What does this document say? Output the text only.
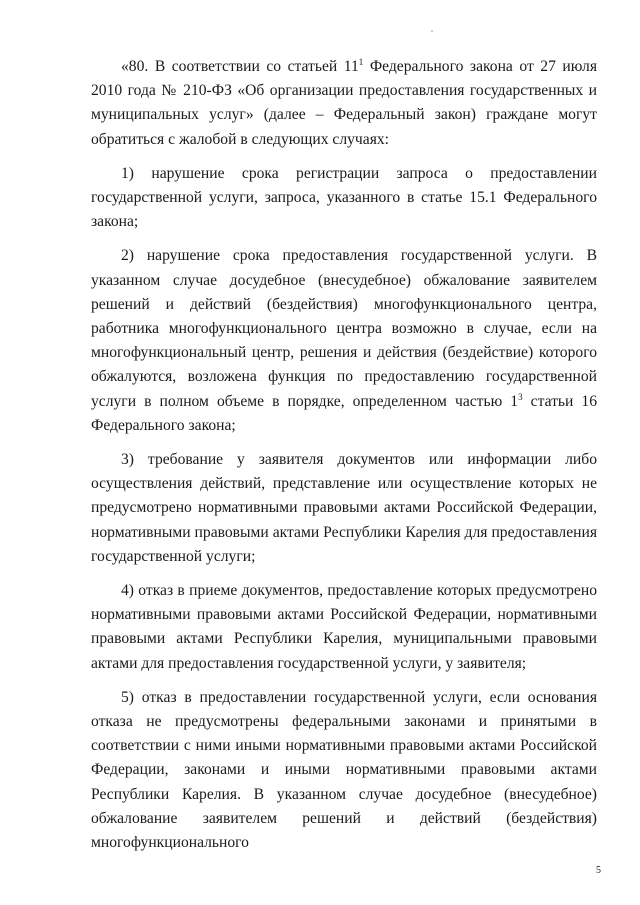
«80. В соответствии со статьей $11^1$ Федерального закона от 27 июля 2010 года № 210-ФЗ «Об организации предоставления государственных и муниципальных услуг» (далее – Федеральный закон) граждане могут обратиться с жалобой в следующих случаях:

1) нарушение срока регистрации запроса о предоставлении государственной услуги, запроса, указанного в статье 15.1 Федерального закона;

2) нарушение срока предоставления государственной услуги. В указанном случае досудебное (внесудебное) обжалование заявителем решений и действий (бездействия) многофункционального центра, работника многофункционального центра возможно в случае, если на многофункциональный центр, решения и действия (бездействие) которого обжалуются, возложена функция по предоставлению государственной услуги в полном объеме в порядке, определенном частью $1^3$ статьи 16 Федерального закона;

3) требование у заявителя документов или информации либо осуществления действий, представление или осуществление которых не предусмотрено нормативными правовыми актами Российской Федерации, нормативными правовыми актами Республики Карелия для предоставления государственной услуги;

4) отказ в приеме документов, предоставление которых предусмотрено нормативными правовыми актами Российской Федерации, нормативными правовыми актами Республики Карелия, муниципальными правовыми актами для предоставления государственной услуги, у заявителя;

5) отказ в предоставлении государственной услуги, если основания отказа не предусмотрены федеральными законами и принятыми в соответствии с ними иными нормативными правовыми актами Российской Федерации, законами и иными нормативными правовыми актами Республики Карелия. В указанном случае досудебное (внесудебное) обжалование заявителем решений и действий (бездействия) многофункционального

5
